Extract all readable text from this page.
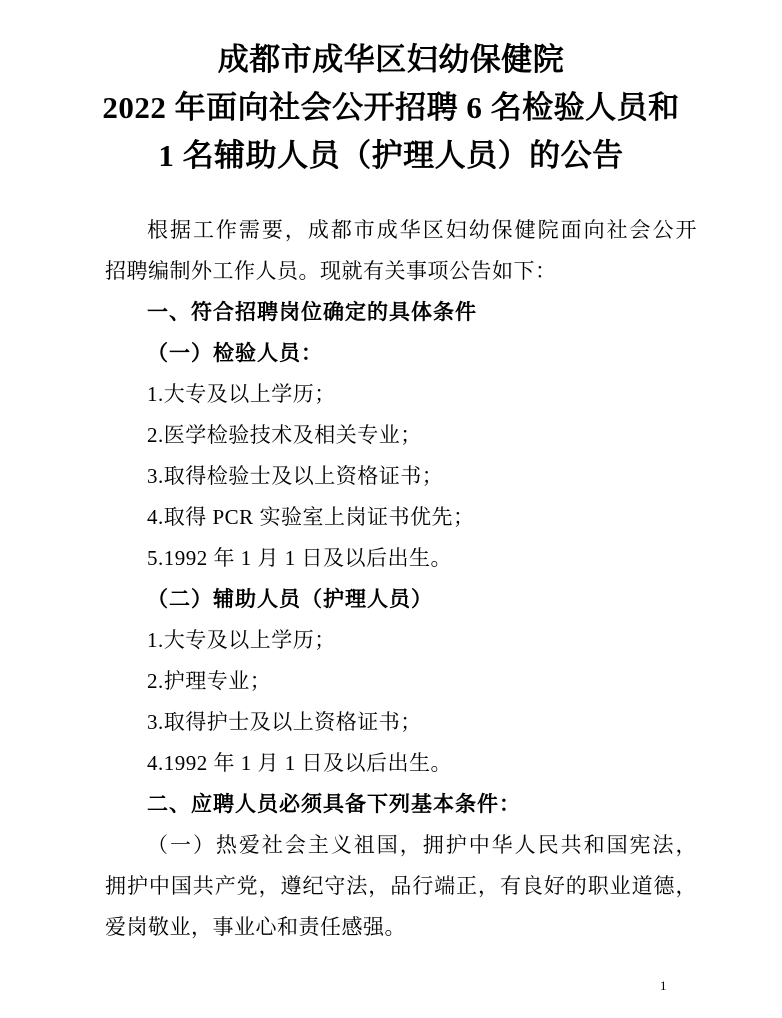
成都市成华区妇幼保健院
2022 年面向社会公开招聘 6 名检验人员和
1 名辅助人员（护理人员）的公告
根据工作需要，成都市成华区妇幼保健院面向社会公开
招聘编制外工作人员。现就有关事项公告如下：
一、符合招聘岗位确定的具体条件
（一）检验人员：
1.大专及以上学历；
2.医学检验技术及相关专业；
3.取得检验士及以上资格证书；
4.取得 PCR 实验室上岗证书优先；
5.1992 年 1 月 1 日及以后出生。
（二）辅助人员（护理人员）
1.大专及以上学历；
2.护理专业；
3.取得护士及以上资格证书；
4.1992 年 1 月 1 日及以后出生。
二、应聘人员必须具备下列基本条件：
（一）热爱社会主义祖国，拥护中华人民共和国宪法，
拥护中国共产党，遵纪守法，品行端正，有良好的职业道德，
爱岗敬业，事业心和责任感强。
1
